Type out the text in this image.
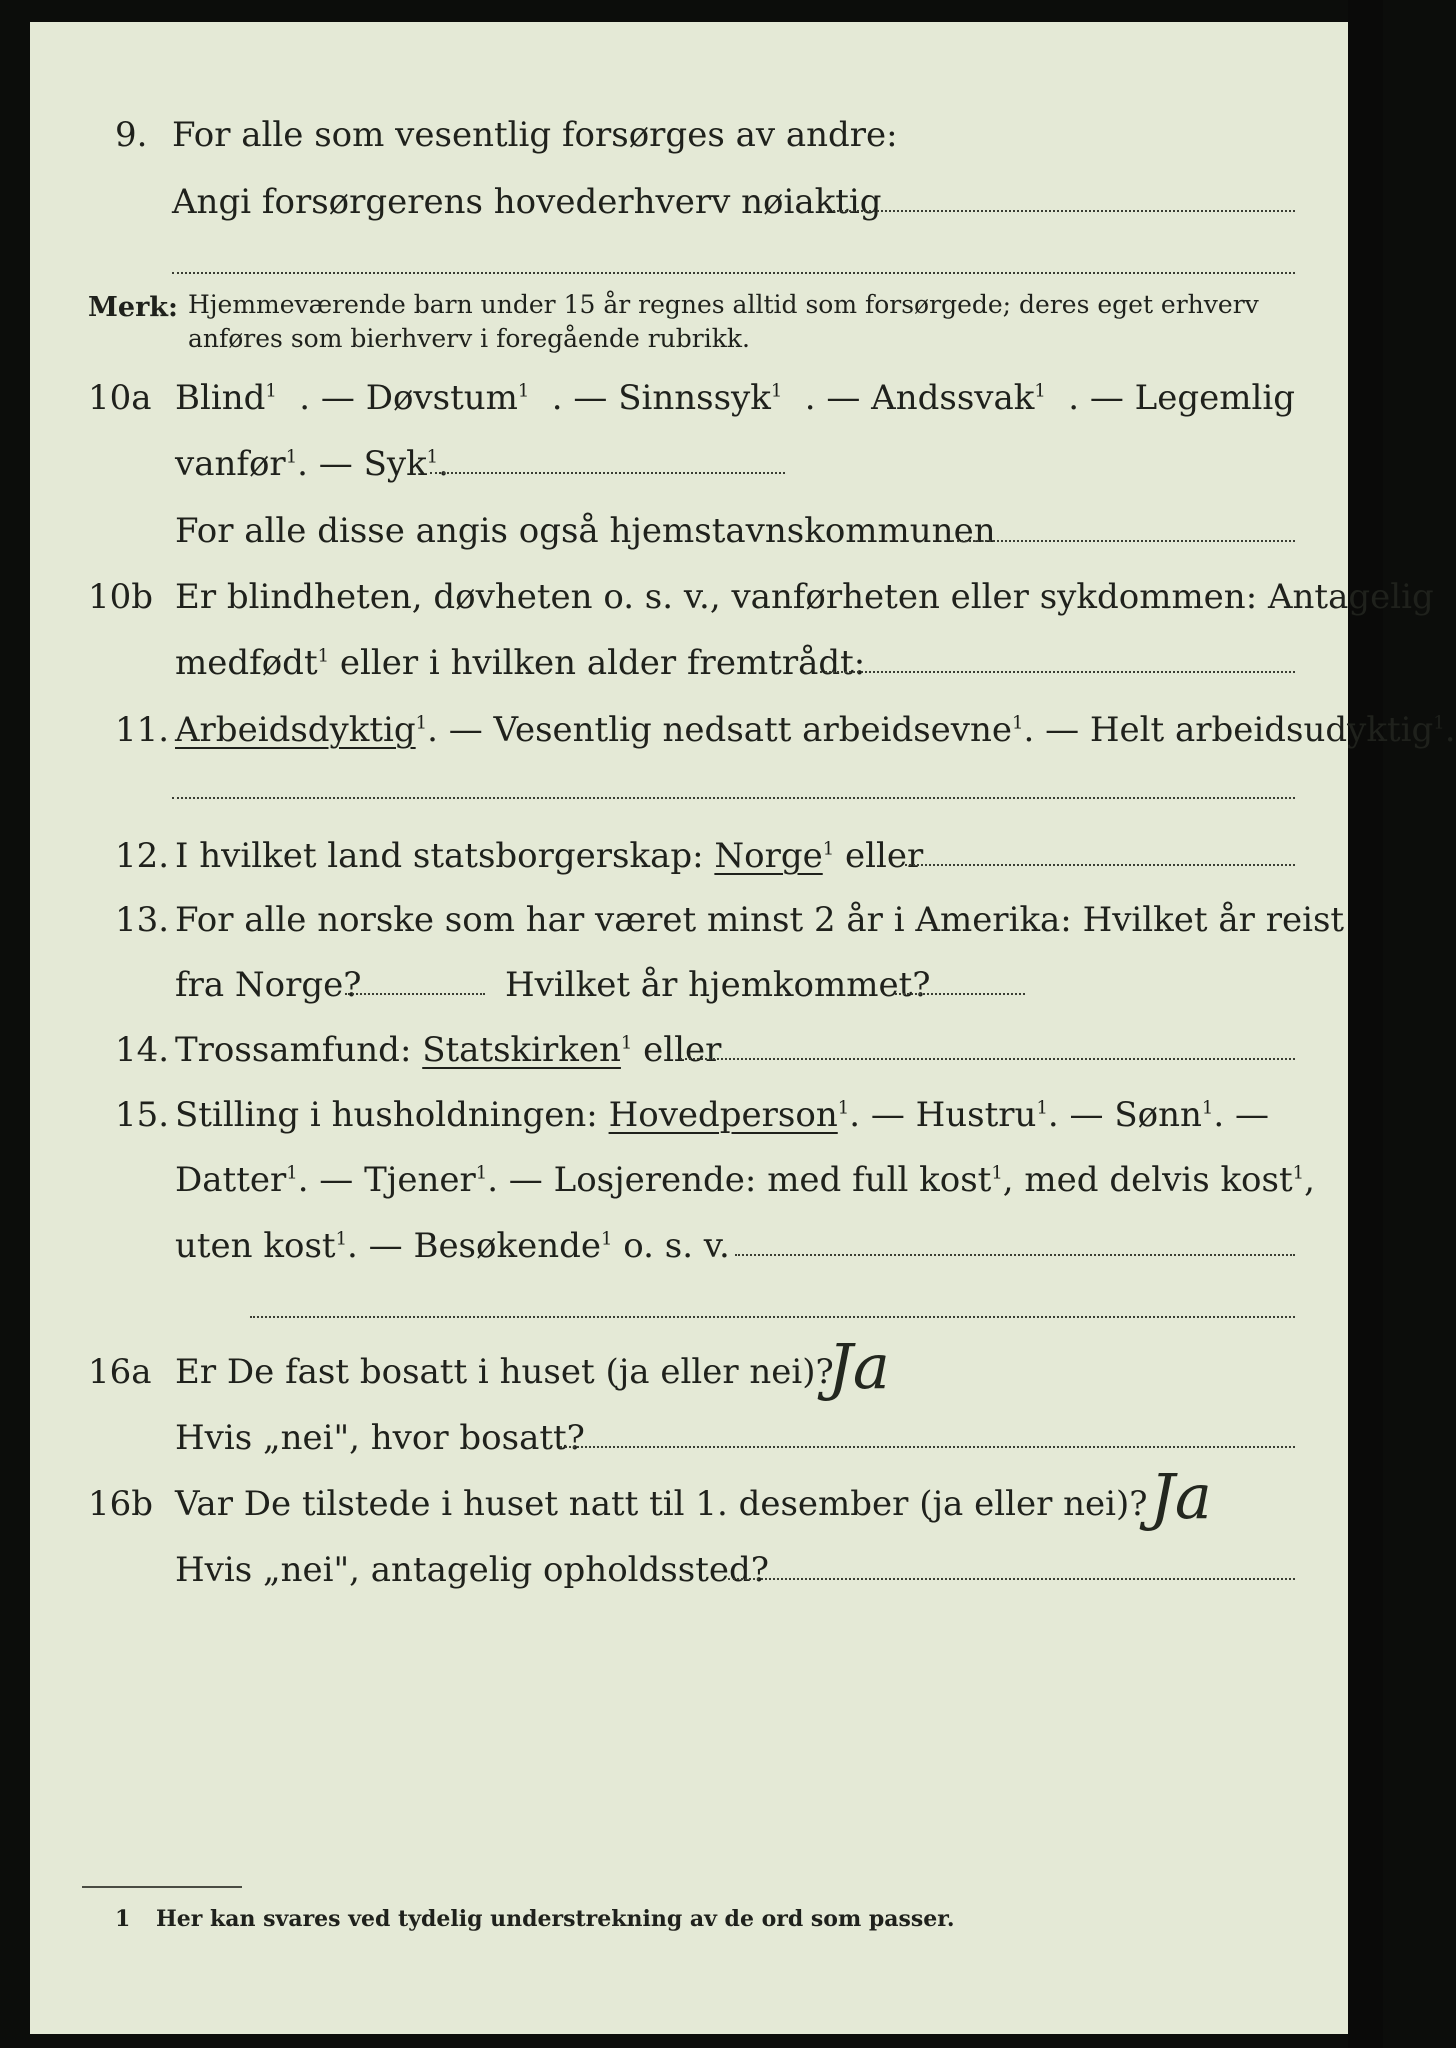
9. For alle som vesentlig forsørges av andre:
Angi forsørgerens hovederhverv nøiaktig
Merk: Hjemmeværende barn under 15 år regnes alltid som forsørgede; deres eget erhverv anføres som bierhverv i foregående rubrikk.
10a Blind$^1$ . — Døvstum$^1$ . — Sinnssyk$^1$ . — Andssvak$^1$ . — Legemlig
vanfør$^1$. — Syk$^1$.
For alle disse angis også hjemstavnskommunen
10b Er blindheten, døvheten o. s. v., vanførheten eller sykdommen: Antagelig
medfødt$^1$ eller i hvilken alder fremtrådt:
11. Arbeidsdyktig$^1$. — Vesentlig nedsatt arbeidsevne$^1$. — Helt arbeidsudyktig$^1$.
12. I hvilket land statsborgerskap: Norge$^1$ eller
13. For alle norske som har været minst 2 år i Amerika: Hvilket år reist
fra Norge?	Hvilket år hjemkommet?
14. Trossamfund: Statskirken$^1$ eller
15. Stilling i husholdningen: Hovedperson$^1$. — Hustru$^1$. — Sønn$^1$. —
Datter$^1$. — Tjener$^1$. — Losjerende: med full kost$^1$, med delvis kost$^1$,
uten kost$^1$. — Besøkende$^1$ o. s. v.
16a Er De fast bosatt i huset (ja eller nei)?
Ja
Hvis „nei", hvor bosatt?
16b Var De tilstede i huset natt til 1. desember (ja eller nei)? Ja
Hvis „nei", antagelig opholdssted?
1 Her kan svares ved tydelig understrekning av de ord som passer.
